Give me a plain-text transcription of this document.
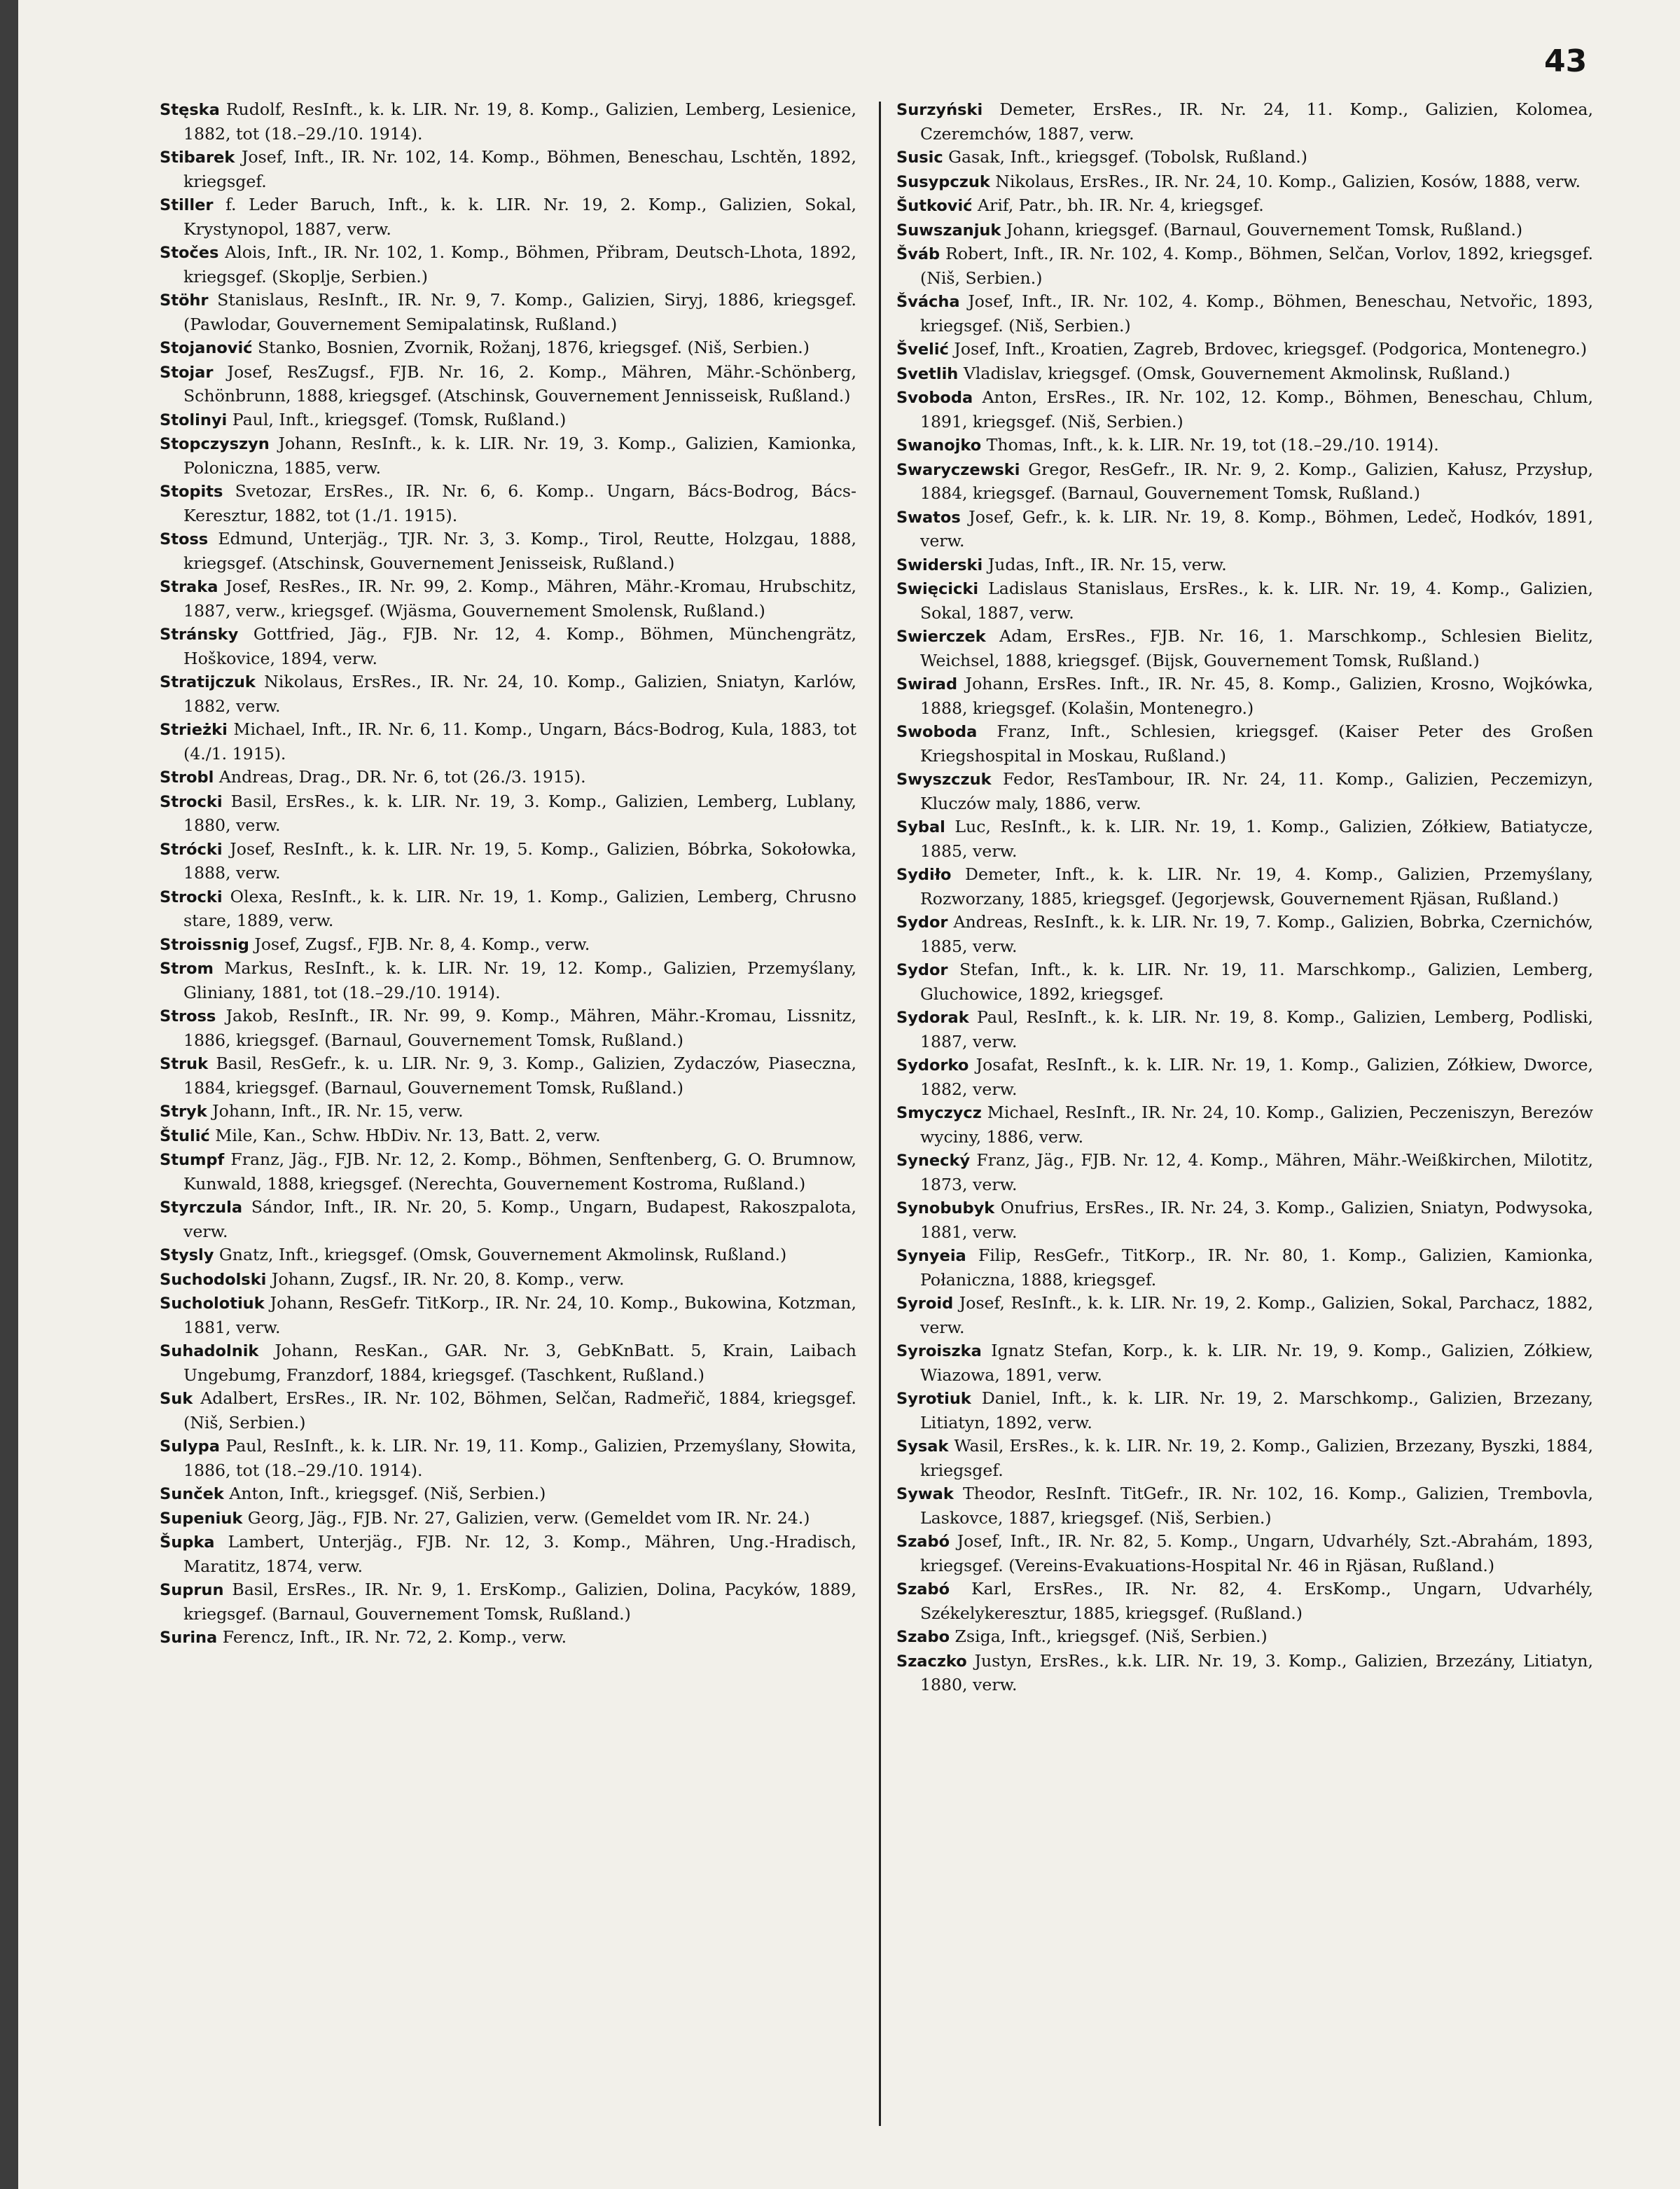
43
Stęska Rudolf, ResInft., k. k. LIR. Nr. 19, 8. Komp., Galizien, Lemberg, Lesienice, 1882, tot (18.–29./10. 1914).
Stibarek Josef, Inft., IR. Nr. 102, 14. Komp., Böhmen, Beneschau, Lschtěn, 1892, kriegsgef.
Stiller f. Leder Baruch, Inft., k. k. LIR. Nr. 19, 2. Komp., Galizien, Sokal, Krystynopol, 1887, verw.
Stočes Alois, Inft., IR. Nr. 102, 1. Komp., Böhmen, Přibram, Deutsch-Lhota, 1892, kriegsgef. (Skoplje, Serbien.)
Stöhr Stanislaus, ResInft., IR. Nr. 9, 7. Komp., Galizien, Siryj, 1886, kriegsgef. (Pawlodar, Gouvernement Semipalatinsk, Rußland.)
Stojanović Stanko, Bosnien, Zvornik, Rožanj, 1876, kriegsgef. (Niš, Serbien.)
Stojar Josef, ResZugsf., FJB. Nr. 16, 2. Komp., Mähren, Mähr.-Schönberg, Schönbrunn, 1888, kriegsgef. (Atschinsk, Gouvernement Jennisseisk, Rußland.)
Stolinyi Paul, Inft., kriegsgef. (Tomsk, Rußland.)
Stopczyszyn Johann, ResInft., k. k. LIR. Nr. 19, 3. Komp., Galizien, Kamionka, Poloniczna, 1885, verw.
Stopits Svetozar, ErsRes., IR. Nr. 6, 6. Komp.. Ungarn, Bács-Bodrog, Bács-Keresztur, 1882, tot (1./1. 1915).
Stoss Edmund, Unterjäg., TJR. Nr. 3, 3. Komp., Tirol, Reutte, Holzgau, 1888, kriegsgef. (Atschinsk, Gouvernement Jenisseisk, Rußland.)
Straka Josef, ResRes., IR. Nr. 99, 2. Komp., Mähren, Mähr.-Kromau, Hrubschitz, 1887, verw., kriegsgef. (Wjäsma, Gouvernement Smolensk, Rußland.)
Stránsky Gottfried, Jäg., FJB. Nr. 12, 4. Komp., Böhmen, Münchengrätz, Hoškovice, 1894, verw.
Stratijczuk Nikolaus, ErsRes., IR. Nr. 24, 10. Komp., Galizien, Sniatyn, Karlów, 1882, verw.
Strieżki Michael, Inft., IR. Nr. 6, 11. Komp., Ungarn, Bács-Bodrog, Kula, 1883, tot (4./1. 1915).
Strobl Andreas, Drag., DR. Nr. 6, tot (26./3. 1915).
Strocki Basil, ErsRes., k. k. LIR. Nr. 19, 3. Komp., Galizien, Lemberg, Lublany, 1880, verw.
Strócki Josef, ResInft., k. k. LIR. Nr. 19, 5. Komp., Galizien, Bóbrka, Sokołowka, 1888, verw.
Strocki Olexa, ResInft., k. k. LIR. Nr. 19, 1. Komp., Galizien, Lemberg, Chrusno stare, 1889, verw.
Stroissnig Josef, Zugsf., FJB. Nr. 8, 4. Komp., verw.
Strom Markus, ResInft., k. k. LIR. Nr. 19, 12. Komp., Galizien, Przemyślany, Gliniany, 1881, tot (18.–29./10. 1914).
Stross Jakob, ResInft., IR. Nr. 99, 9. Komp., Mähren, Mähr.-Kromau, Lissnitz, 1886, kriegsgef. (Barnaul, Gouvernement Tomsk, Rußland.)
Struk Basil, ResGefr., k. u. LIR. Nr. 9, 3. Komp., Galizien, Zydaczów, Piaseczna, 1884, kriegsgef. (Barnaul, Gouvernement Tomsk, Rußland.)
Stryk Johann, Inft., IR. Nr. 15, verw.
Štulić Mile, Kan., Schw. HbDiv. Nr. 13, Batt. 2, verw.
Stumpf Franz, Jäg., FJB. Nr. 12, 2. Komp., Böhmen, Senftenberg, G. O. Brumnow, Kunwald, 1888, kriegsgef. (Nerechta, Gouvernement Kostroma, Rußland.)
Styrczula Sándor, Inft., IR. Nr. 20, 5. Komp., Ungarn, Budapest, Rakoszpalota, verw.
Stysly Gnatz, Inft., kriegsgef. (Omsk, Gouvernement Akmolinsk, Rußland.)
Suchodolski Johann, Zugsf., IR. Nr. 20, 8. Komp., verw.
Sucholotiuk Johann, ResGefr. TitKorp., IR. Nr. 24, 10. Komp., Bukowina, Kotzman, 1881, verw.
Suhadolnik Johann, ResKan., GAR. Nr. 3, GebKnBatt. 5, Krain, Laibach Ungebumg, Franzdorf, 1884, kriegsgef. (Taschkent, Rußland.)
Suk Adalbert, ErsRes., IR. Nr. 102, Böhmen, Selčan, Radmeřič, 1884, kriegsgef. (Niš, Serbien.)
Sulypa Paul, ResInft., k. k. LIR. Nr. 19, 11. Komp., Galizien, Przemyślany, Słowita, 1886, tot (18.–29./10. 1914).
Sunček Anton, Inft., kriegsgef. (Niš, Serbien.)
Supeniuk Georg, Jäg., FJB. Nr. 27, Galizien, verw. (Gemeldet vom IR. Nr. 24.)
Šupka Lambert, Unterjäg., FJB. Nr. 12, 3. Komp., Mähren, Ung.-Hradisch, Maratitz, 1874, verw.
Suprun Basil, ErsRes., IR. Nr. 9, 1. ErsKomp., Galizien, Dolina, Pacyków, 1889, kriegsgef. (Barnaul, Gouvernement Tomsk, Rußland.)
Surina Ferencz, Inft., IR. Nr. 72, 2. Komp., verw.
Surzyński Demeter, ErsRes., IR. Nr. 24, 11. Komp., Galizien, Kolomea, Czeremchów, 1887, verw.
Susic Gasak, Inft., kriegsgef. (Tobolsk, Rußland.)
Susypczuk Nikolaus, ErsRes., IR. Nr. 24, 10. Komp., Galizien, Kosów, 1888, verw.
Šutković Arif, Patr., bh. IR. Nr. 4, kriegsgef.
Suwszanjuk Johann, kriegsgef. (Barnaul, Gouvernement Tomsk, Rußland.)
Šváb Robert, Inft., IR. Nr. 102, 4. Komp., Böhmen, Selčan, Vorlov, 1892, kriegsgef. (Niš, Serbien.)
Švácha Josef, Inft., IR. Nr. 102, 4. Komp., Böhmen, Beneschau, Netvořic, 1893, kriegsgef. (Niš, Serbien.)
Švelić Josef, Inft., Kroatien, Zagreb, Brdovec, kriegsgef. (Podgorica, Montenegro.)
Svetlih Vladislav, kriegsgef. (Omsk, Gouvernement Akmolinsk, Rußland.)
Svoboda Anton, ErsRes., IR. Nr. 102, 12. Komp., Böhmen, Beneschau, Chlum, 1891, kriegsgef. (Niš, Serbien.)
Swanojko Thomas, Inft., k. k. LIR. Nr. 19, tot (18.–29./10. 1914).
Swaryczewski Gregor, ResGefr., IR. Nr. 9, 2. Komp., Galizien, Kałusz, Przysłup, 1884, kriegsgef. (Barnaul, Gouvernement Tomsk, Rußland.)
Swatos Josef, Gefr., k. k. LIR. Nr. 19, 8. Komp., Böhmen, Ledeč, Hodkóv, 1891, verw.
Swiderski Judas, Inft., IR. Nr. 15, verw.
Swięcicki Ladislaus Stanislaus, ErsRes., k. k. LIR. Nr. 19, 4. Komp., Galizien, Sokal, 1887, verw.
Swierczek Adam, ErsRes., FJB. Nr. 16, 1. Marschkomp., Schlesien Bielitz, Weichsel, 1888, kriegsgef. (Bijsk, Gouvernement Tomsk, Rußland.)
Swirad Johann, ErsRes. Inft., IR. Nr. 45, 8. Komp., Galizien, Krosno, Wojkówka, 1888, kriegsgef. (Kolašin, Montenegro.)
Swoboda Franz, Inft., Schlesien, kriegsgef. (Kaiser Peter des Großen Kriegshospital in Moskau, Rußland.)
Swyszczuk Fedor, ResTambour, IR. Nr. 24, 11. Komp., Galizien, Peczemizyn, Kluczów maly, 1886, verw.
Sybal Luc, ResInft., k. k. LIR. Nr. 19, 1. Komp., Galizien, Zółkiew, Batiatycze, 1885, verw.
Sydiło Demeter, Inft., k. k. LIR. Nr. 19, 4. Komp., Galizien, Przemyślany, Rozworzany, 1885, kriegsgef. (Jegorjewsk, Gouvernement Rjäsan, Rußland.)
Sydor Andreas, ResInft., k. k. LIR. Nr. 19, 7. Komp., Galizien, Bobrka, Czernichów, 1885, verw.
Sydor Stefan, Inft., k. k. LIR. Nr. 19, 11. Marschkomp., Galizien, Lemberg, Gluchowice, 1892, kriegsgef.
Sydorak Paul, ResInft., k. k. LIR. Nr. 19, 8. Komp., Galizien, Lemberg, Podliski, 1887, verw.
Sydorko Josafat, ResInft., k. k. LIR. Nr. 19, 1. Komp., Galizien, Zółkiew, Dworce, 1882, verw.
Smyczycz Michael, ResInft., IR. Nr. 24, 10. Komp., Galizien, Peczeniszyn, Berezów wyciny, 1886, verw.
Synecký Franz, Jäg., FJB. Nr. 12, 4. Komp., Mähren, Mähr.-Weißkirchen, Milotitz, 1873, verw.
Synobubyk Onufrius, ErsRes., IR. Nr. 24, 3. Komp., Galizien, Sniatyn, Podwysoka, 1881, verw.
Synyeia Filip, ResGefr., TitKorp., IR. Nr. 80, 1. Komp., Galizien, Kamionka, Połaniczna, 1888, kriegsgef.
Syroid Josef, ResInft., k. k. LIR. Nr. 19, 2. Komp., Galizien, Sokal, Parchacz, 1882, verw.
Syroiszka Ignatz Stefan, Korp., k. k. LIR. Nr. 19, 9. Komp., Galizien, Zółkiew, Wiazowa, 1891, verw.
Syrotiuk Daniel, Inft., k. k. LIR. Nr. 19, 2. Marschkomp., Galizien, Brzezany, Litiatyn, 1892, verw.
Sysak Wasil, ErsRes., k. k. LIR. Nr. 19, 2. Komp., Galizien, Brzezany, Byszki, 1884, kriegsgef.
Sywak Theodor, ResInft. TitGefr., IR. Nr. 102, 16. Komp., Galizien, Trembovla, Laskovce, 1887, kriegsgef. (Niš, Serbien.)
Szabó Josef, Inft., IR. Nr. 82, 5. Komp., Ungarn, Udvarhély, Szt.-Abrahám, 1893, kriegsgef. (Vereins-Evakuations-Hospital Nr. 46 in Rjäsan, Rußland.)
Szabó Karl, ErsRes., IR. Nr. 82, 4. ErsKomp., Ungarn, Udvarhély, Székelykeresztur, 1885, kriegsgef. (Rußland.)
Szabo Zsiga, Inft., kriegsgef. (Niš, Serbien.)
Szaczko Justyn, ErsRes., k.k. LIR. Nr. 19, 3. Komp., Galizien, Brzezány, Litiatyn, 1880, verw.
